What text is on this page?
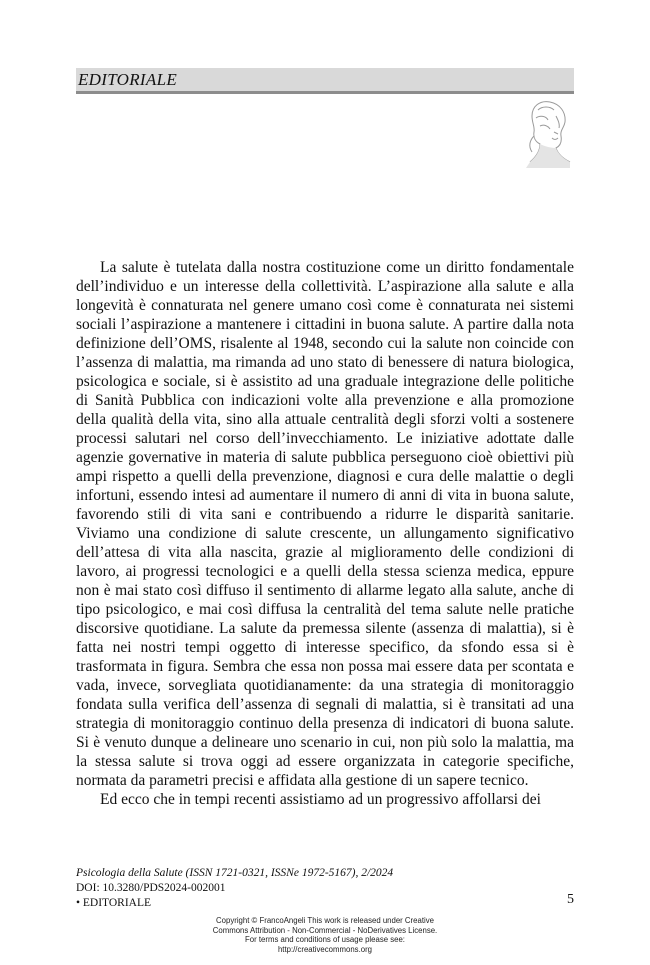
EDITORIALE

La salute è tutelata dalla nostra costituzione come un diritto fondamentale dell’individuo e un interesse della collettività. L’aspirazione alla salute e alla longevità è connaturata nel genere umano così come è connaturata nei sistemi sociali l’aspirazione a mantenere i cittadini in buona salute. A partire dalla nota definizione dell’OMS, risalente al 1948, secondo cui la salute non coincide con l’assenza di malattia, ma rimanda ad uno stato di benessere di natura biologica, psicologica e sociale, si è assistito ad una graduale integrazione delle politiche di Sanità Pubblica con indicazioni volte alla prevenzione e alla promozione della qualità della vita, sino alla attuale centralità degli sforzi volti a sostenere processi salutari nel corso dell’invecchiamento. Le iniziative adottate dalle agenzie governative in materia di salute pubblica perseguono cioè obiettivi più ampi rispetto a quelli della prevenzione, diagnosi e cura delle malattie o degli infortuni, essendo intesi ad aumentare il numero di anni di vita in buona salute, favorendo stili di vita sani e contribuendo a ridurre le disparità sanitarie. Viviamo una condizione di salute crescente, un allungamento significativo dell’attesa di vita alla nascita, grazie al miglioramento delle condizioni di lavoro, ai progressi tecnologici e a quelli della stessa scienza medica, eppure non è mai stato così diffuso il sentimento di allarme legato alla salute, anche di tipo psicologico, e mai così diffusa la centralità del tema salute nelle pratiche discorsive quotidiane. La salute da premessa silente (assenza di malattia), si è fatta nei nostri tempi oggetto di interesse specifico, da sfondo essa si è trasformata in figura. Sembra che essa non possa mai essere data per scontata e vada, invece, sorvegliata quotidianamente: da una strategia di monitoraggio fondata sulla verifica dell’assenza di segnali di malattia, si è transitati ad una strategia di monitoraggio continuo della presenza di indicatori di buona salute. Si è venuto dunque a delineare uno scenario in cui, non più solo la malattia, ma la stessa salute si trova oggi ad essere organizzata in categorie specifiche, normata da parametri precisi e affidata alla gestione di un sapere tecnico.

Ed ecco che in tempi recenti assistiamo ad un progressivo affollarsi dei

Psicologia della Salute (ISSN 1721-0321, ISSNe 1972-5167), 2/2024
DOI: 10.3280/PDS2024-002001
• EDITORIALE	5
Copyright © FrancoAngeli This work is released under Creative
Commons Attribution - Non-Commercial - NoDerivatives License.
For terms and conditions of usage please see:
http://creativecommons.org
